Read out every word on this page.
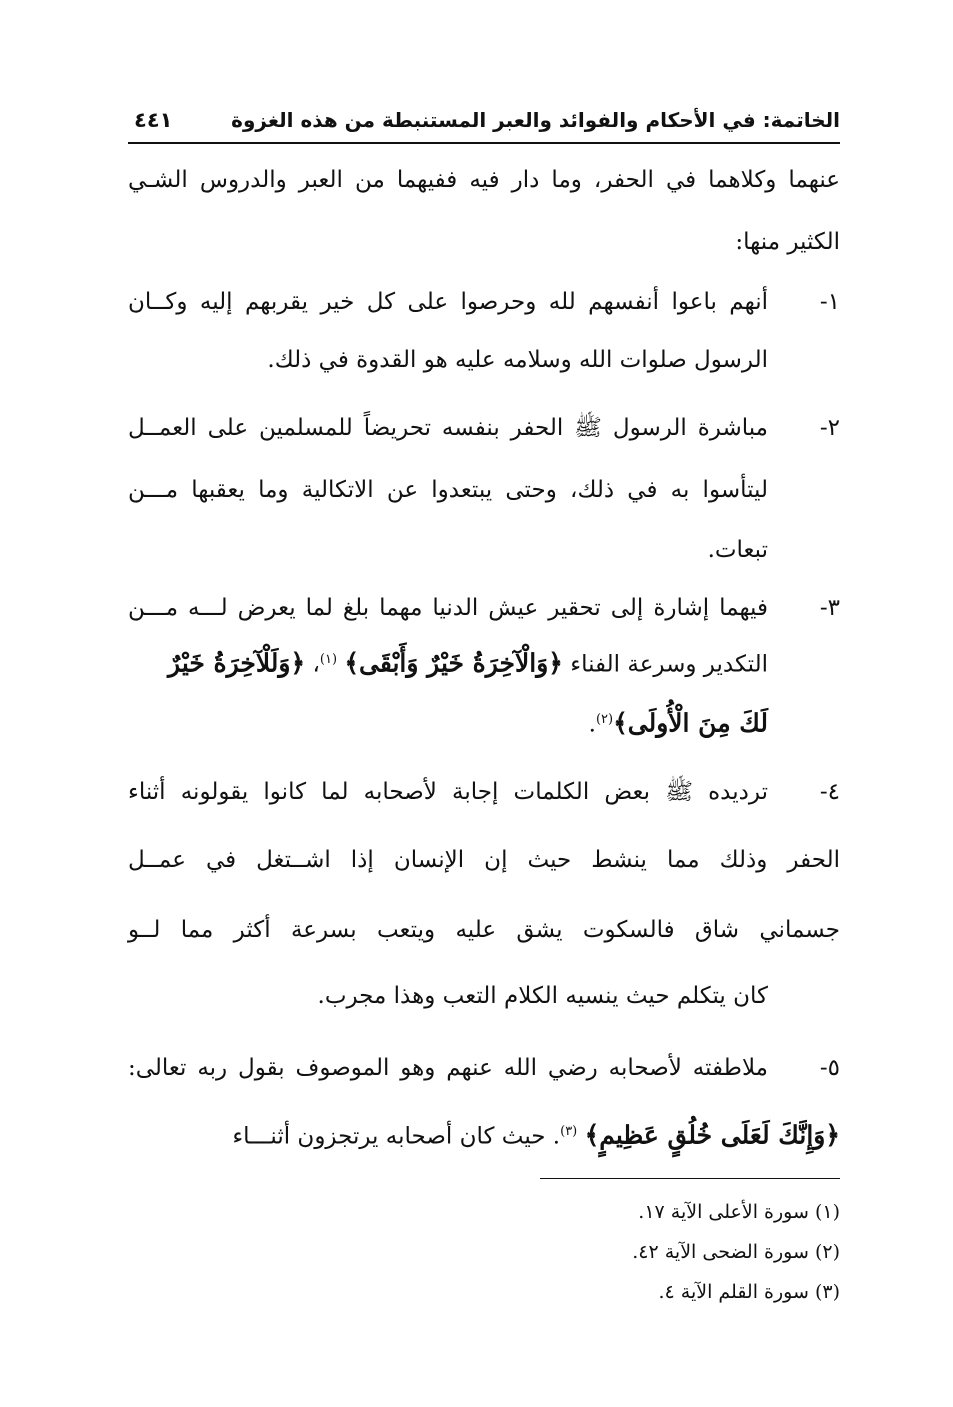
الخاتمة: في الأحكام والفوائد والعبر المستنبطة من هذه الغزوة
٤٤١
عنهما وكلاهما في الحفر، وما دار فيه ففيهما من العبر والدروس الشـي
الكثير منها:
١-
أنهم باعوا أنفسهم لله وحرصوا على كل خير يقربهم إليه وكــان
الرسول صلوات الله وسلامه عليه هو القدوة في ذلك.
٢-
مباشرة الرسول ﷺ الحفر بنفسه تحريضاً للمسلمين على العمــل
ليتأسوا به في ذلك، وحتى يبتعدوا عن الاتكالية وما يعقبها مـــن
تبعات.
٣-
فيهما إشارة إلى تحقير عيش الدنيا مهما بلغ لما يعرض لـــه مـــن
التكدير وسرعة الفناء ﴿وَالْآخِرَةُ خَيْرٌ وَأَبْقَى﴾ $^{(١)}$، ﴿وَلَلْآخِرَةُ خَيْرٌ
لَكَ مِنَ الْأُولَى﴾$^{(٢)}$.
٤-
ترديده ﷺ بعض الكلمات إجابة لأصحابه لما كانوا يقولونه أثناء
الحفر وذلك مما ينشط حيث إن الإنسان إذا اشــتغل في عمــل
جسماني شاق فالسكوت يشق عليه ويتعب بسرعة أكثر مما لــو
كان يتكلم حيث ينسيه الكلام التعب وهذا مجرب.
٥-
ملاطفته لأصحابه رضي الله عنهم وهو الموصوف بقول ربه تعالى:
﴿وَإِنَّكَ لَعَلَى خُلُقٍ عَظِيمٍ﴾ $^{(٣)}$. حيث كان أصحابه يرتجزون أثنـــاء
(١) سورة الأعلى الآية ١٧.
(٢) سورة الضحى الآية ٤٢.
(٣) سورة القلم الآية ٤.
